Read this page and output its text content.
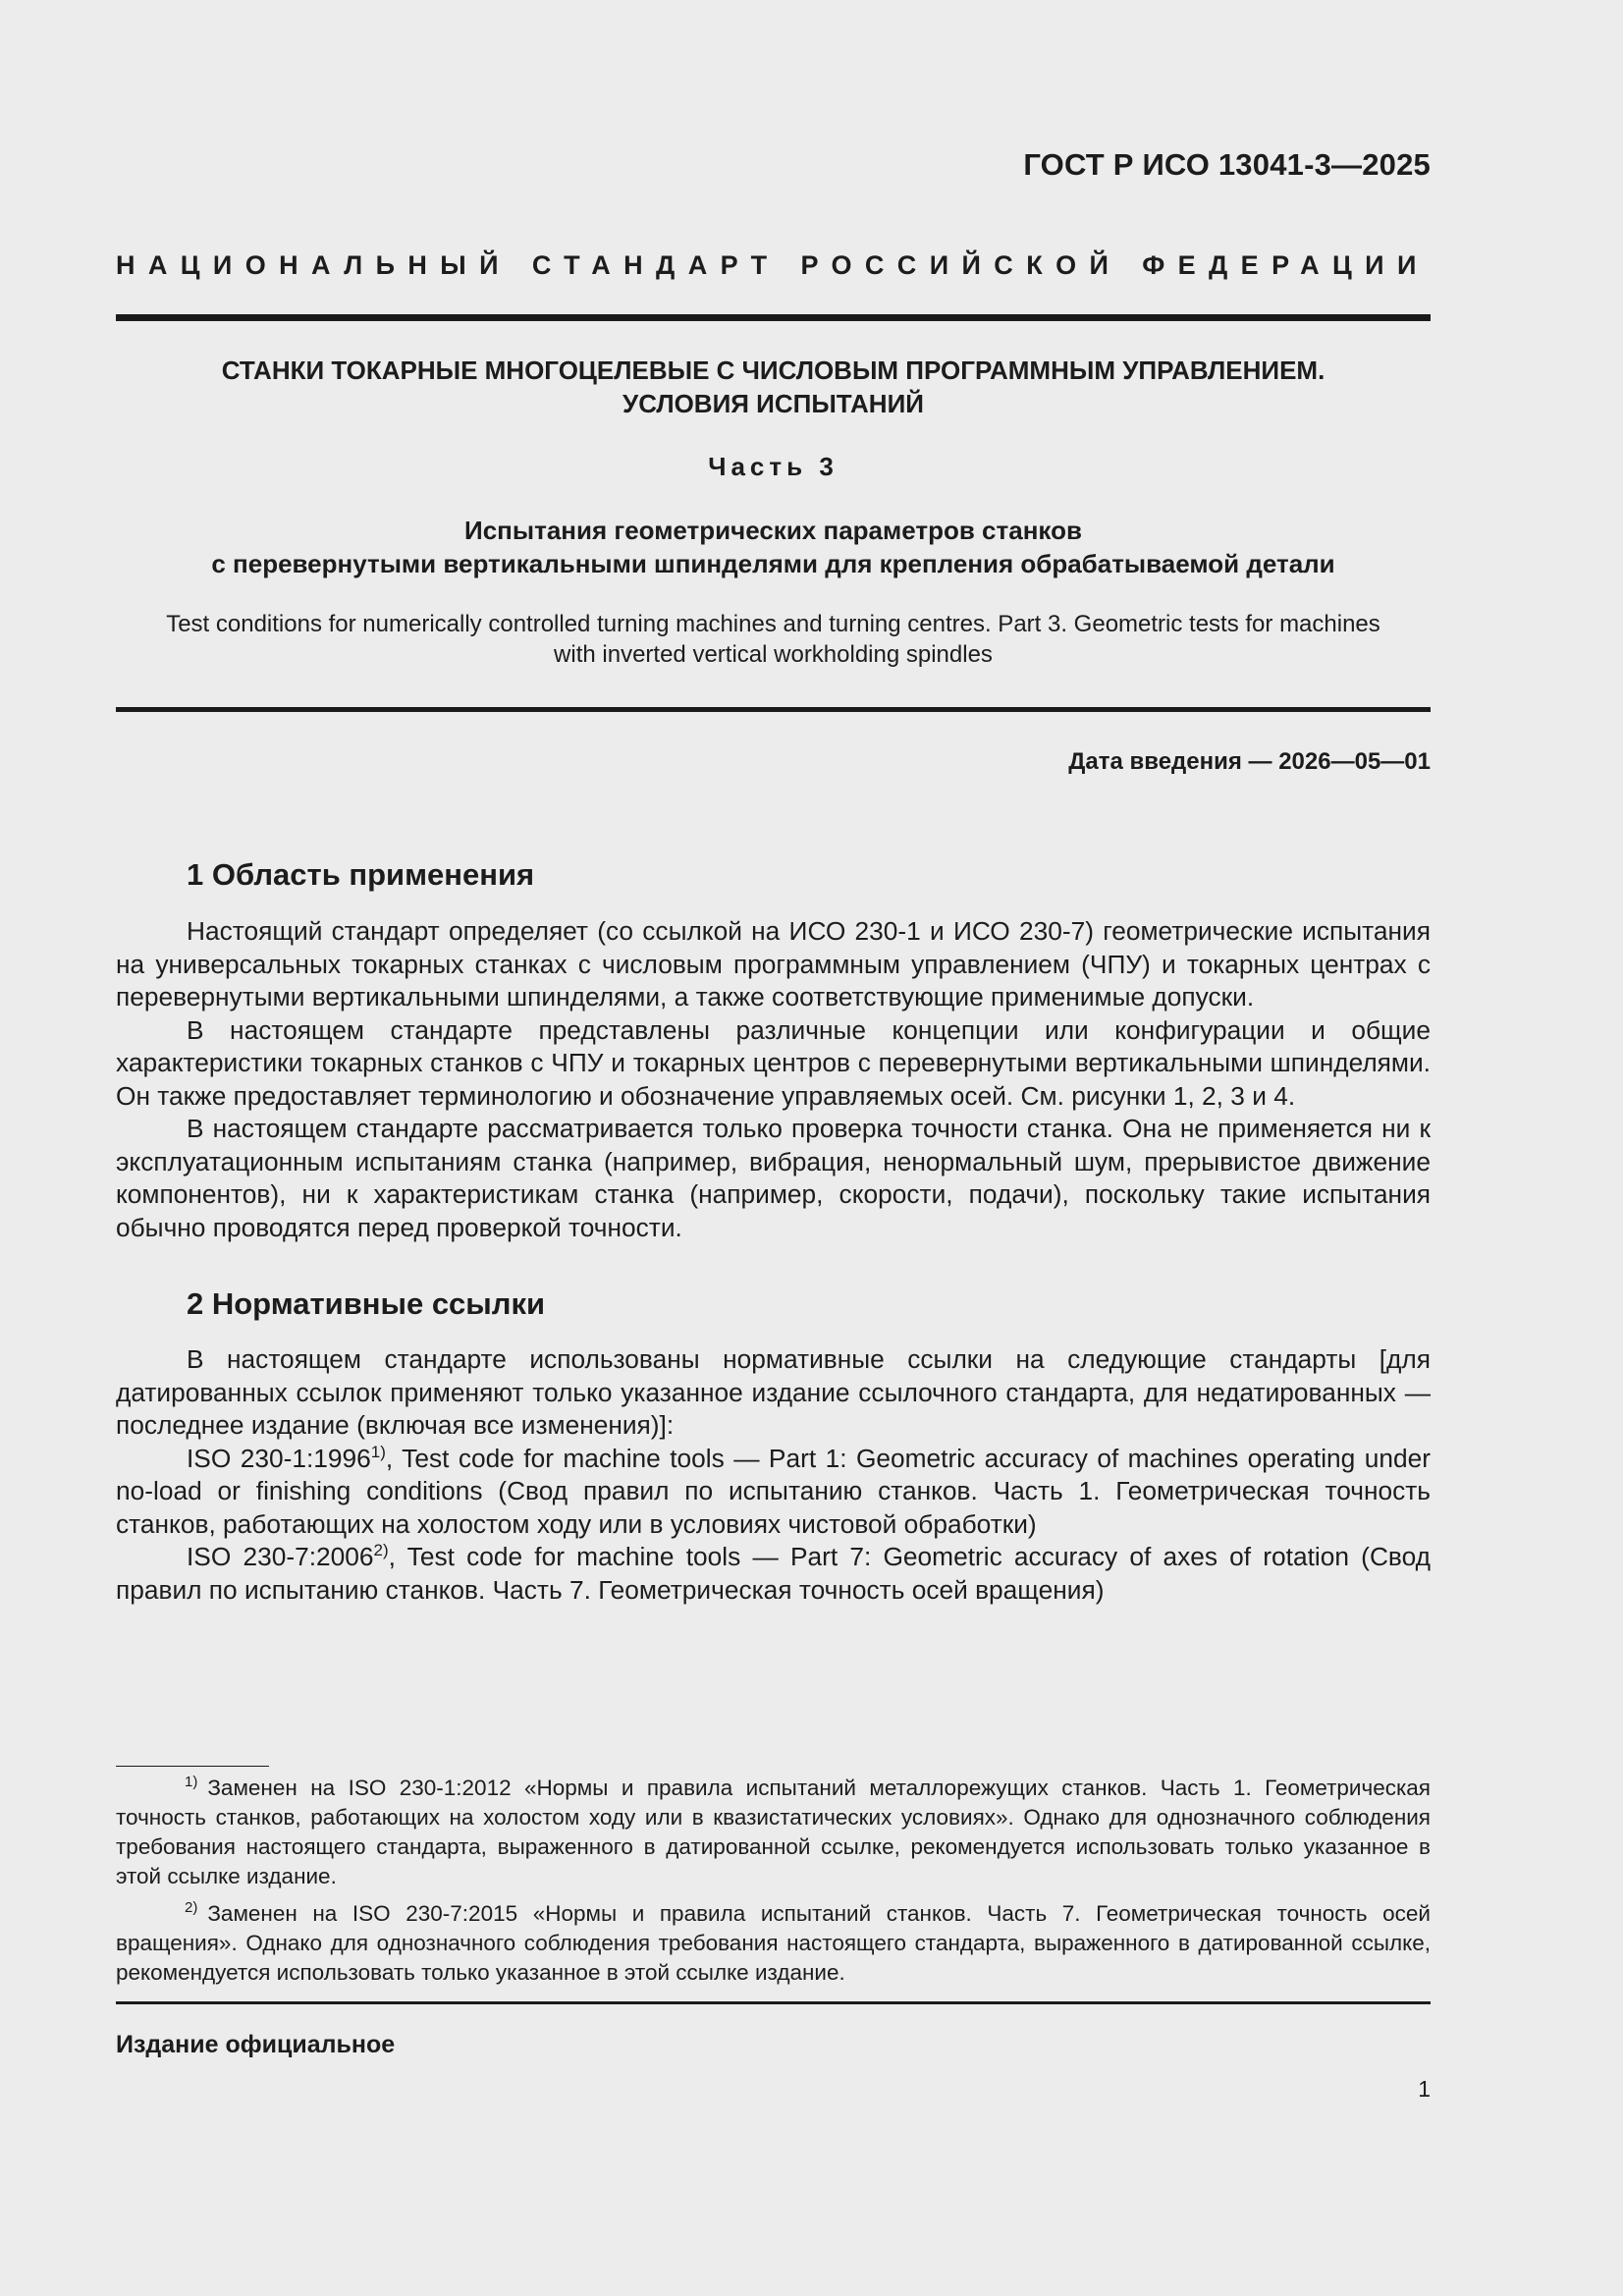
ГОСТ Р ИСО 13041-3—2025
НАЦИОНАЛЬНЫЙ СТАНДАРТ РОССИЙСКОЙ ФЕДЕРАЦИИ
СТАНКИ ТОКАРНЫЕ МНОГОЦЕЛЕВЫЕ С ЧИСЛОВЫМ ПРОГРАММНЫМ УПРАВЛЕНИЕМ.
УСЛОВИЯ ИСПЫТАНИЙ
Часть 3
Испытания геометрических параметров станков
с перевернутыми вертикальными шпинделями для крепления обрабатываемой детали
Test conditions for numerically controlled turning machines and turning centres. Part 3. Geometric tests for machines
with inverted vertical workholding spindles
Дата введения — 2026—05—01
1 Область применения

Настоящий стандарт определяет (со ссылкой на ИСО 230-1 и ИСО 230-7) геометрические испытания на универсальных токарных станках с числовым программным управлением (ЧПУ) и токарных центрах с перевернутыми вертикальными шпинделями, а также соответствующие применимые допуски.

В настоящем стандарте представлены различные концепции или конфигурации и общие характеристики токарных станков с ЧПУ и токарных центров с перевернутыми вертикальными шпинделями. Он также предоставляет терминологию и обозначение управляемых осей. См. рисунки 1, 2, 3 и 4.

В настоящем стандарте рассматривается только проверка точности станка. Она не применяется ни к эксплуатационным испытаниям станка (например, вибрация, ненормальный шум, прерывистое движение компонентов), ни к характеристикам станка (например, скорости, подачи), поскольку такие испытания обычно проводятся перед проверкой точности.

2 Нормативные ссылки

В настоящем стандарте использованы нормативные ссылки на следующие стандарты [для датированных ссылок применяют только указанное издание ссылочного стандарта, для недатированных — последнее издание (включая все изменения)]:

ISO 230-1:1996$^{1)}$, Test code for machine tools — Part 1: Geometric accuracy of machines operating under no-load or finishing conditions (Свод правил по испытанию станков. Часть 1. Геометрическая точность станков, работающих на холостом ходу или в условиях чистовой обработки)

ISO 230-7:2006$^{2)}$, Test code for machine tools — Part 7: Geometric accuracy of axes of rotation (Свод правил по испытанию станков. Часть 7. Геометрическая точность осей вращения)

$^{1)}$ Заменен на ISO 230-1:2012 «Нормы и правила испытаний металлорежущих станков. Часть 1. Геометрическая точность станков, работающих на холостом ходу или в квазистатических условиях». Однако для однозначного соблюдения требования настоящего стандарта, выраженного в датированной ссылке, рекомендуется использовать только указанное в этой ссылке издание.

$^{2)}$ Заменен на ISO 230-7:2015 «Нормы и правила испытаний станков. Часть 7. Геометрическая точность осей вращения». Однако для однозначного соблюдения требования настоящего стандарта, выраженного в датированной ссылке, рекомендуется использовать только указанное в этой ссылке издание.

Издание официальное
1
